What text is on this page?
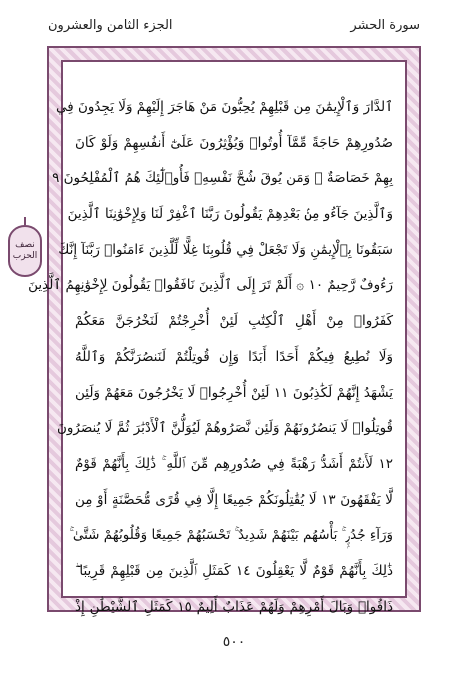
سورة الحشر
الجزء الثامن والعشرون
نصف الحزب
ٱلدَّارَ وَٱلْإِيمَٰنَ مِن قَبْلِهِمْ يُحِبُّونَ مَنْ هَاجَرَ إِلَيْهِمْ وَلَا يَجِدُونَ فِي
صُدُورِهِمْ حَاجَةً مِّمَّآ أُوتُوا۟ وَيُؤْثِرُونَ عَلَىٰٓ أَنفُسِهِمْ وَلَوْ كَانَ
بِهِمْ خَصَاصَةٌ ۚ وَمَن يُوقَ شُحَّ نَفْسِهِۦ فَأُو۟لَٰٓئِكَ هُمُ ٱلْمُفْلِحُونَ ٩
وَٱلَّذِينَ جَآءُو مِنۢ بَعْدِهِمْ يَقُولُونَ رَبَّنَا ٱغْفِرْ لَنَا وَلِإِخْوَٰنِنَا ٱلَّذِينَ
سَبَقُونَا بِٱلْإِيمَٰنِ وَلَا تَجْعَلْ فِي قُلُوبِنَا غِلًّا لِّلَّذِينَ ءَامَنُوا۟ رَبَّنَآ إِنَّكَ
رَءُوفٌ رَّحِيمٌ ١٠ ۞ أَلَمْ تَرَ إِلَى ٱلَّذِينَ نَافَقُوا۟ يَقُولُونَ لِإِخْوَٰنِهِمُ ٱلَّذِينَ
كَفَرُوا۟ مِنْ أَهْلِ ٱلْكِتَٰبِ لَئِنْ أُخْرِجْتُمْ لَنَخْرُجَنَّ مَعَكُمْ
وَلَا نُطِيعُ فِيكُمْ أَحَدًا أَبَدًا وَإِن قُوتِلْتُمْ لَنَنصُرَنَّكُمْ وَٱللَّهُ
يَشْهَدُ إِنَّهُمْ لَكَٰذِبُونَ ١١ لَئِنْ أُخْرِجُوا۟ لَا يَخْرُجُونَ مَعَهُمْ وَلَئِن
قُوتِلُوا۟ لَا يَنصُرُونَهُمْ وَلَئِن نَّصَرُوهُمْ لَيُوَلُّنَّ ٱلْأَدْبَٰرَ ثُمَّ لَا يُنصَرُونَ
١٢ لَأَنتُمْ أَشَدُّ رَهْبَةً فِي صُدُورِهِم مِّنَ ٱللَّهِ ۚ ذَٰلِكَ بِأَنَّهُمْ قَوْمٌ
لَّا يَفْقَهُونَ ١٣ لَا يُقَٰتِلُونَكُمْ جَمِيعًا إِلَّا فِي قُرًى مُّحَصَّنَةٍ أَوْ مِن
وَرَآءِ جُدُرٍۭ ۚ بَأْسُهُم بَيْنَهُمْ شَدِيدٌ ۚ تَحْسَبُهُمْ جَمِيعًا وَقُلُوبُهُمْ شَتَّىٰ ۚ
ذَٰلِكَ بِأَنَّهُمْ قَوْمٌ لَّا يَعْقِلُونَ ١٤ كَمَثَلِ ٱلَّذِينَ مِن قَبْلِهِمْ قَرِيبًا ۖ
ذَاقُوا۟ وَبَالَ أَمْرِهِمْ وَلَهُمْ عَذَابٌ أَلِيمٌ ١٥ كَمَثَلِ ٱلشَّيْطَٰنِ إِذْ
٥٠٠
